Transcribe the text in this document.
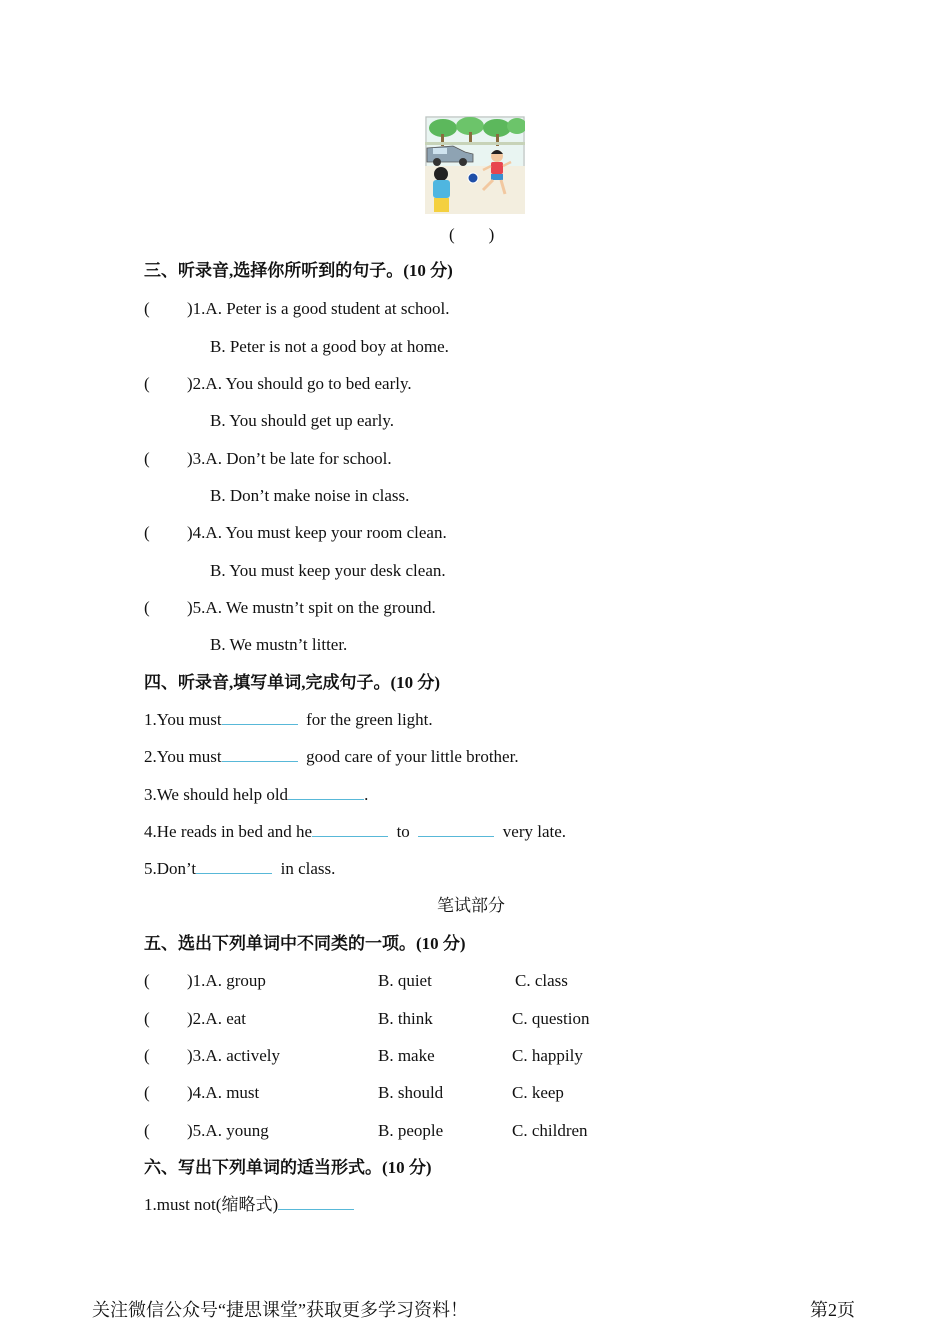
(　　)
三、听录音,选择你所听到的句子。(10 分)
( )1.A. Peter is a good student at school.
B. Peter is not a good boy at home.
( )2.A. You should go to bed early.
B. You should get up early.
( )3.A. Don’t be late for school.
B. Don’t make noise in class.
( )4.A. You must keep your room clean.
B. You must keep your desk clean.
( )5.A. We mustn’t spit on the ground.
B. We mustn’t litter.
四、听录音,填写单词,完成句子。(10 分)
1.You must	for the green light.
2.You must	good care of your little brother.
3.We should help old	.
4.He reads in bed and he	to	very late.
5.Don’t	in class.
笔试部分
五、选出下列单词中不同类的一项。(10 分)
( )1.A. group	B. quiet	C. class
( )2.A. eat	B. think	C. question
( )3.A. actively	B. make	C. happily
( )4.A. must	B. should	C. keep
( )5.A. young	B. people	C. children
六、写出下列单词的适当形式。(10 分)
1.must not(缩略式)
关注微信公众号“捷思课堂”获取更多学习资料！	第2页
